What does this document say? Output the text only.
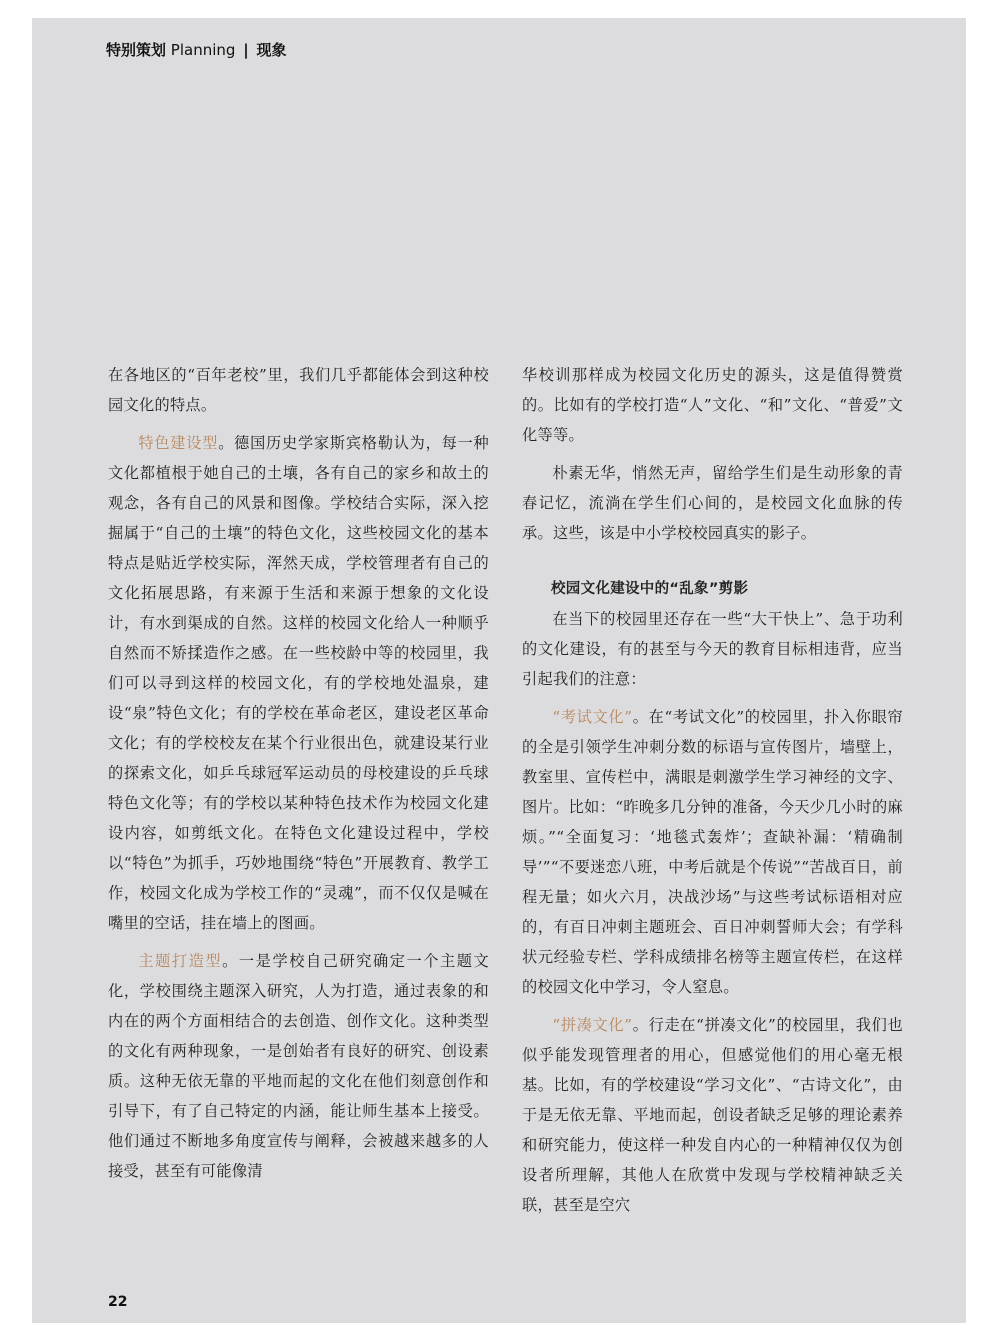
特别策划 Planning | 现象

在各地区的“百年老校”里，我们几乎都能体会到这种校园文化的特点。

特色建设型。德国历史学家斯宾格勒认为，每一种文化都植根于她自己的土壤，各有自己的家乡和故土的观念，各有自己的风景和图像。学校结合实际，深入挖掘属于“自己的土壤”的特色文化，这些校园文化的基本特点是贴近学校实际，浑然天成，学校管理者有自己的文化拓展思路，有来源于生活和来源于想象的文化设计，有水到渠成的自然。这样的校园文化给人一种顺乎自然而不矫揉造作之感。在一些校龄中等的校园里，我们可以寻到这样的校园文化，有的学校地处温泉，建设“泉”特色文化；有的学校在革命老区，建设老区革命文化；有的学校校友在某个行业很出色，就建设某行业的探索文化，如乒乓球冠军运动员的母校建设的乒乓球特色文化等；有的学校以某种特色技术作为校园文化建设内容，如剪纸文化。在特色文化建设过程中，学校以“特色”为抓手，巧妙地围绕“特色”开展教育、教学工作，校园文化成为学校工作的“灵魂”，而不仅仅是喊在嘴里的空话，挂在墙上的图画。

主题打造型。一是学校自己研究确定一个主题文化，学校围绕主题深入研究，人为打造，通过表象的和内在的两个方面相结合的去创造、创作文化。这种类型的文化有两种现象，一是创始者有良好的研究、创设素质。这种无依无靠的平地而起的文化在他们刻意创作和引导下，有了自己特定的内涵，能让师生基本上接受。他们通过不断地多角度宣传与阐释，会被越来越多的人接受，甚至有可能像清

华校训那样成为校园文化历史的源头，这是值得赞赏的。比如有的学校打造“人”文化、“和”文化、“普爱”文化等等。

朴素无华，悄然无声，留给学生们是生动形象的青春记忆，流淌在学生们心间的，是校园文化血脉的传承。这些，该是中小学校校园真实的影子。

校园文化建设中的“乱象”剪影

在当下的校园里还存在一些“大干快上”、急于功利的文化建设，有的甚至与今天的教育目标相违背，应当引起我们的注意：

“考试文化”。在“考试文化”的校园里，扑入你眼帘的全是引领学生冲刺分数的标语与宣传图片，墙壁上，教室里、宣传栏中，满眼是刺激学生学习神经的文字、图片。比如：“昨晚多几分钟的准备，今天少几小时的麻烦。”“全面复习：‘地毯式轰炸’；查缺补漏：‘精确制导’”“不要迷恋八班，中考后就是个传说”“苦战百日，前程无量；如火六月，决战沙场”与这些考试标语相对应的，有百日冲刺主题班会、百日冲刺誓师大会；有学科状元经验专栏、学科成绩排名榜等主题宣传栏，在这样的校园文化中学习，令人窒息。

“拼凑文化”。行走在“拼凑文化”的校园里，我们也似乎能发现管理者的用心，但感觉他们的用心毫无根基。比如，有的学校建设“学习文化”、“古诗文化”，由于是无依无靠、平地而起，创设者缺乏足够的理论素养和研究能力，使这样一种发自内心的一种精神仅仅为创设者所理解，其他人在欣赏中发现与学校精神缺乏关联，甚至是空穴

22
